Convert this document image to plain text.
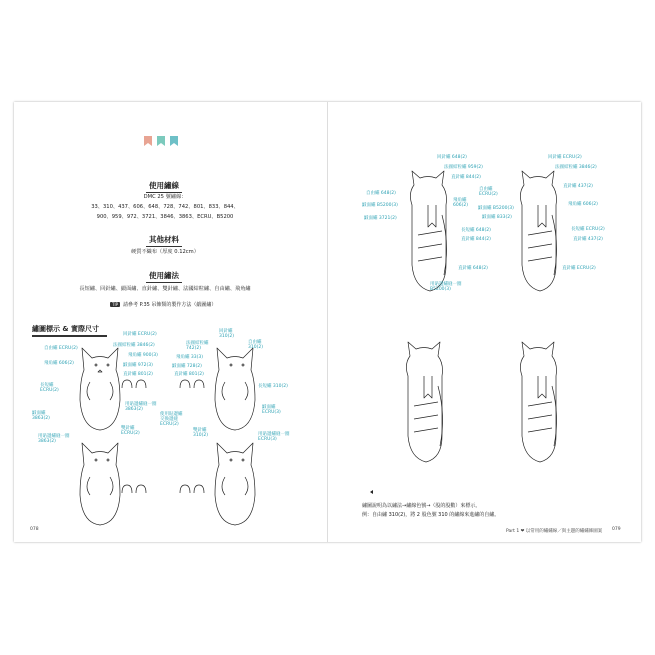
使用繡線
DMC 25 號繡線：
33、310、437、606、648、728、742、801、833、844、
900、959、972、3721、3846、3863、ECRU、B5200
其他材料
硬質不織布（厚度 0.12cm）
使用繡法
長短繡、回針繡、緞面繡、直針繡、雙針繡、法國結粒繡、自由繡、飛角繡
TIP	請參考 P.35 吊飾類的製作方法（緞圖繡）
繡圖標示 & 實際尺寸
回針繡 ECRU(2)
法國結粒繡 3846(2)
飛角繡 900(3)
緞面繡 972(3)
直針繡 801(2)
回針繡
310(2)
自由繡
310(2)
法國結粒繡
742(2)
飛角繡 33(3)
緞面繡 728(2)
直針繡 801(2)
自由繡 ECRU(2)
飛角繡 606(2)
長短繡
ECRU(2)
緞面繡
3863(2)
用貼邊繡縫一圈
3863(2)
用貼邊繡縫一圈
3863(2)
雙針繡
ECRU(2)
長短繡 310(2)
緞面繡
ECRU(3)
用貼邊繡縫一圈
ECRU(3)
雙針繡
310(2)
使用貼邊繡
交換邊縫
ECRU(2)
回針繡 648(2)
法國結粒繡 959(2)
直針繡 844(2)
自由繡 648(2)
飛角繡
606(2)
緞面繡 B5200(3)
緞面繡 3721(2)
長短繡 648(2)
直針繡 844(2)
直針繡 648(2)
用貼邊繡縫一圈
B5200(3)
回針繡 ECRU(2)
法國結粒繡 3846(2)
自由繡
ECRU(2)
直針繡 437(2)
緞面繡 B5200(3)
緞面繡 833(2)
飛角繡 606(2)
長短繡 ECRU(2)
直針繡 437(2)
直針繡 ECRU(2)
繡圖說明為以繡法→繡線色號→（股的股數）來標示。
例：自由繡 310(2)，將 2 股色號 310 的繡線來進繡的自繡。
078	Part 1 ❤ 以常用的繡繡線／與主題的繡繡飾圖案 079
